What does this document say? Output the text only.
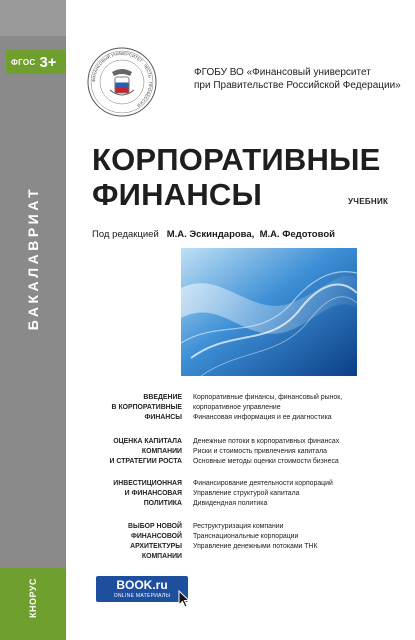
ФГОС 3+
БАКАЛАВРИАТ
КНОРУС
ФИНАНСОВЫЙ УНИВЕРСИТЕТ · ЧЕСТЬ · ПРОФЕССИЯ
ФГОБУ ВО «Финансовый университет
при Правительстве Российской Федерации»
КОРПОРАТИВНЫЕ
ФИНАНСЫ	УЧЕБНИК
Под редакцией М.А. Эскиндарова, М.А. Федотовой
ВВЕДЕНИЕ
В КОРПОРАТИВНЫЕ
ФИНАНСЫ
Корпоративные финансы, финансовый рынок,
корпоративное управление
Финансовая информация и ее диагностика
ОЦЕНКА КАПИТАЛА
КОМПАНИИ
И СТРАТЕГИИ РОСТА
Денежные потоки в корпоративных финансах
Риски и стоимость привлечения капитала
Основные методы оценки стоимости бизнеса
ИНВЕСТИЦИОННАЯ
И ФИНАНСОВАЯ
ПОЛИТИКА
Финансирование деятельности корпораций
Управление структурой капитала
Дивидендная политика
ВЫБОР НОВОЙ
ФИНАНСОВОЙ
АРХИТЕКТУРЫ
КОМПАНИИ
Реструктуризация компании
Транснациональные корпорации
Управление денежными потоками ТНК
BOOK.ru
ONLINE МАТЕРИАЛЫ
